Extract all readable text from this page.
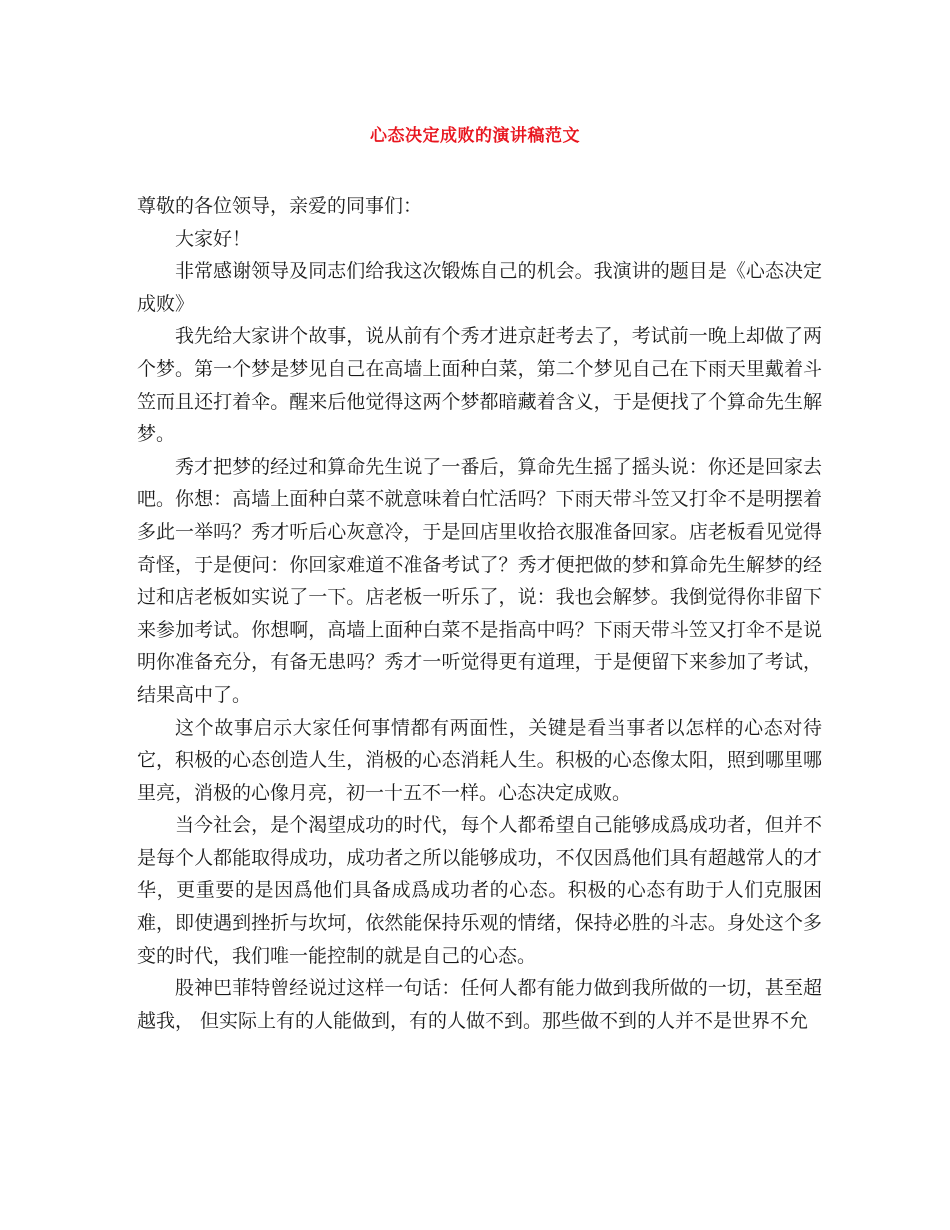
心态决定成败的演讲稿范文

尊敬的各位领导，亲爱的同事们：

大家好！

非常感谢领导及同志们给我这次锻炼自己的机会。我演讲的题目是《心态决定成败》

我先给大家讲个故事，说从前有个秀才进京赶考去了，考试前一晚上却做了两个梦。第一个梦是梦见自己在高墙上面种白菜，第二个梦见自己在下雨天里戴着斗笠而且还打着伞。醒来后他觉得这两个梦都暗藏着含义，于是便找了个算命先生解梦。

秀才把梦的经过和算命先生说了一番后，算命先生摇了摇头说：你还是回家去吧。你想：高墙上面种白菜不就意味着白忙活吗？下雨天带斗笠又打伞不是明摆着多此一举吗？秀才听后心灰意冷，于是回店里收拾衣服准备回家。店老板看见觉得奇怪，于是便问：你回家难道不准备考试了？秀才便把做的梦和算命先生解梦的经过和店老板如实说了一下。店老板一听乐了，说：我也会解梦。我倒觉得你非留下来参加考试。你想啊，高墙上面种白菜不是指高中吗？下雨天带斗笠又打伞不是说明你准备充分，有备无患吗？秀才一听觉得更有道理，于是便留下来参加了考试，结果高中了。

这个故事启示大家任何事情都有两面性，关键是看当事者以怎样的心态对待它，积极的心态创造人生，消极的心态消耗人生。积极的心态像太阳，照到哪里哪里亮，消极的心像月亮，初一十五不一样。心态决定成败。

当今社会，是个渴望成功的时代，每个人都希望自己能够成爲成功者，但并不是每个人都能取得成功，成功者之所以能够成功，不仅因爲他们具有超越常人的才华，更重要的是因爲他们具备成爲成功者的心态。积极的心态有助于人们克服困难，即使遇到挫折与坎坷，依然能保持乐观的情绪，保持必胜的斗志。身处这个多变的时代，我们唯一能控制的就是自己的心态。

股神巴菲特曾经说过这样一句话：任何人都有能力做到我所做的一切，甚至超越我， 但实际上有的人能做到，有的人做不到。那些做不到的人并不是世界不允
